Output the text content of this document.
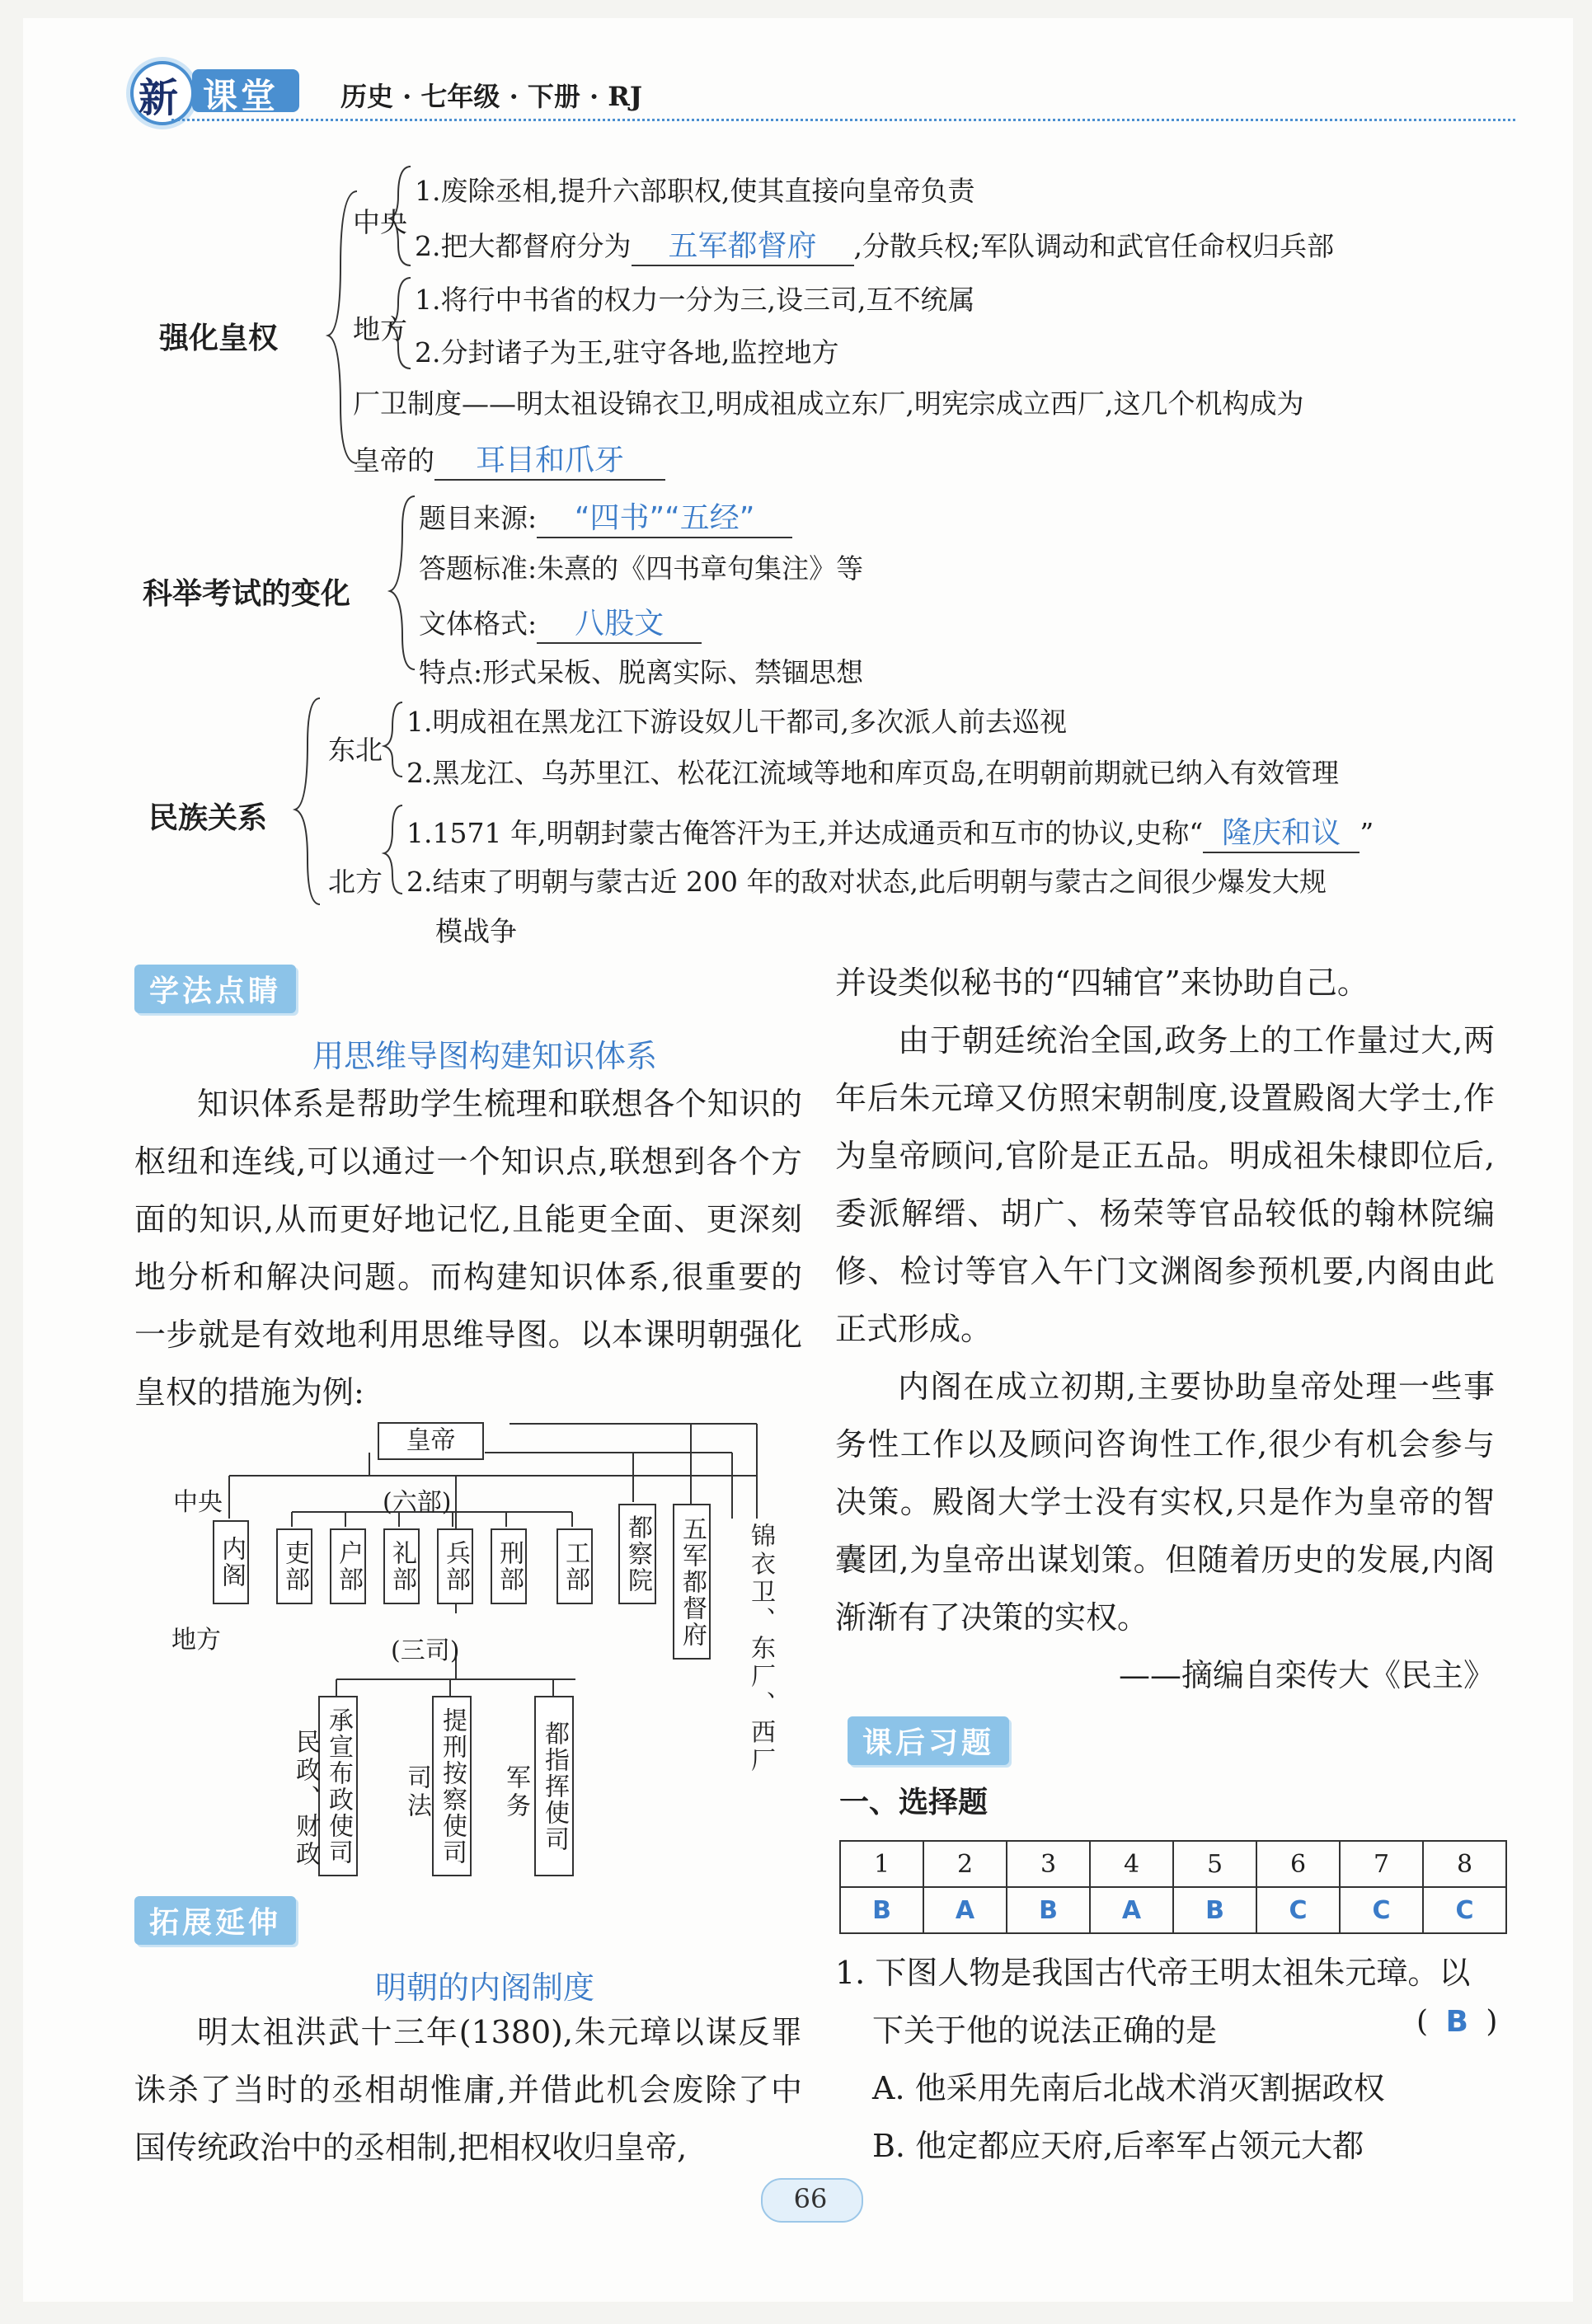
新 课堂 历史 · 七年级 · 下册 · RJ
强化皇权
中央
1.废除丞相,提升六部职权,使其直接向皇帝负责
2.把大都督府分为 五军都督府 ,分散兵权;军队调动和武官任命权归兵部
地方
1.将行中书省的权力一分为三,设三司,互不统属
2.分封诸子为王,驻守各地,监控地方
厂卫制度——明太祖设锦衣卫,明成祖成立东厂,明宪宗成立西厂,这几个机构成为
皇帝的 耳目和爪牙
科举考试的变化
题目来源: “四书”“五经”
答题标准:朱熹的《四书章句集注》等
文体格式: 八股文
特点:形式呆板、脱离实际、禁锢思想
民族关系
东北
1.明成祖在黑龙江下游设奴儿干都司,多次派人前去巡视
2.黑龙江、乌苏里江、松花江流域等地和库页岛,在明朝前期就已纳入有效管理
北方
1.1571 年,明朝封蒙古俺答汗为王,并达成通贡和互市的协议,史称“ 隆庆和议 ”
2.结束了明朝与蒙古近 200 年的敌对状态,此后明朝与蒙古之间很少爆发大规
模战争
学法点睛
用思维导图构建知识体系

知识体系是帮助学生梳理和联想各个知识的枢纽和连线,可以通过一个知识点,联想到各个方面的知识,从而更好地记忆,且能更全面、更深刻地分析和解决问题。而构建知识体系,很重要的一步就是有效地利用思维导图。以本课明朝强化皇权的措施为例:

皇帝
中央	(六部)
内阁 吏部 户部 礼部 兵部 刑部 工部 都察院 五军都督府 锦衣卫、东厂、西厂
地方	(三司)
承宣布政使司	提刑按察使司	都指挥使司
民政、财政	司法	军务
拓展延伸
明朝的内阁制度

明太祖洪武十三年(1380),朱元璋以谋反罪诛杀了当时的丞相胡惟庸,并借此机会废除了中国传统政治中的丞相制,把相权收归皇帝,

并设类似秘书的“四辅官”来协助自己。

由于朝廷统治全国,政务上的工作量过大,两年后朱元璋又仿照宋朝制度,设置殿阁大学士,作为皇帝顾问,官阶是正五品。明成祖朱棣即位后,委派解缙、胡广、杨荣等官品较低的翰林院编修、检讨等官入午门文渊阁参预机要,内阁由此正式形成。

内阁在成立初期,主要协助皇帝处理一些事务性工作以及顾问咨询性工作,很少有机会参与决策。殿阁大学士没有实权,只是作为皇帝的智囊团,为皇帝出谋划策。但随着历史的发展,内阁渐渐有了决策的实权。

——摘编自栾传大《民主》

课后习题
一、选择题
1	2	3	4	5	6	7	8
B	A	B	A	B	C	C	C
1. 下图人物是我国古代帝王明太祖朱元璋。以
下关于他的说法正确的是	( B )
A. 他采用先南后北战术消灭割据政权
B. 他定都应天府,后率军占领元大都
66
